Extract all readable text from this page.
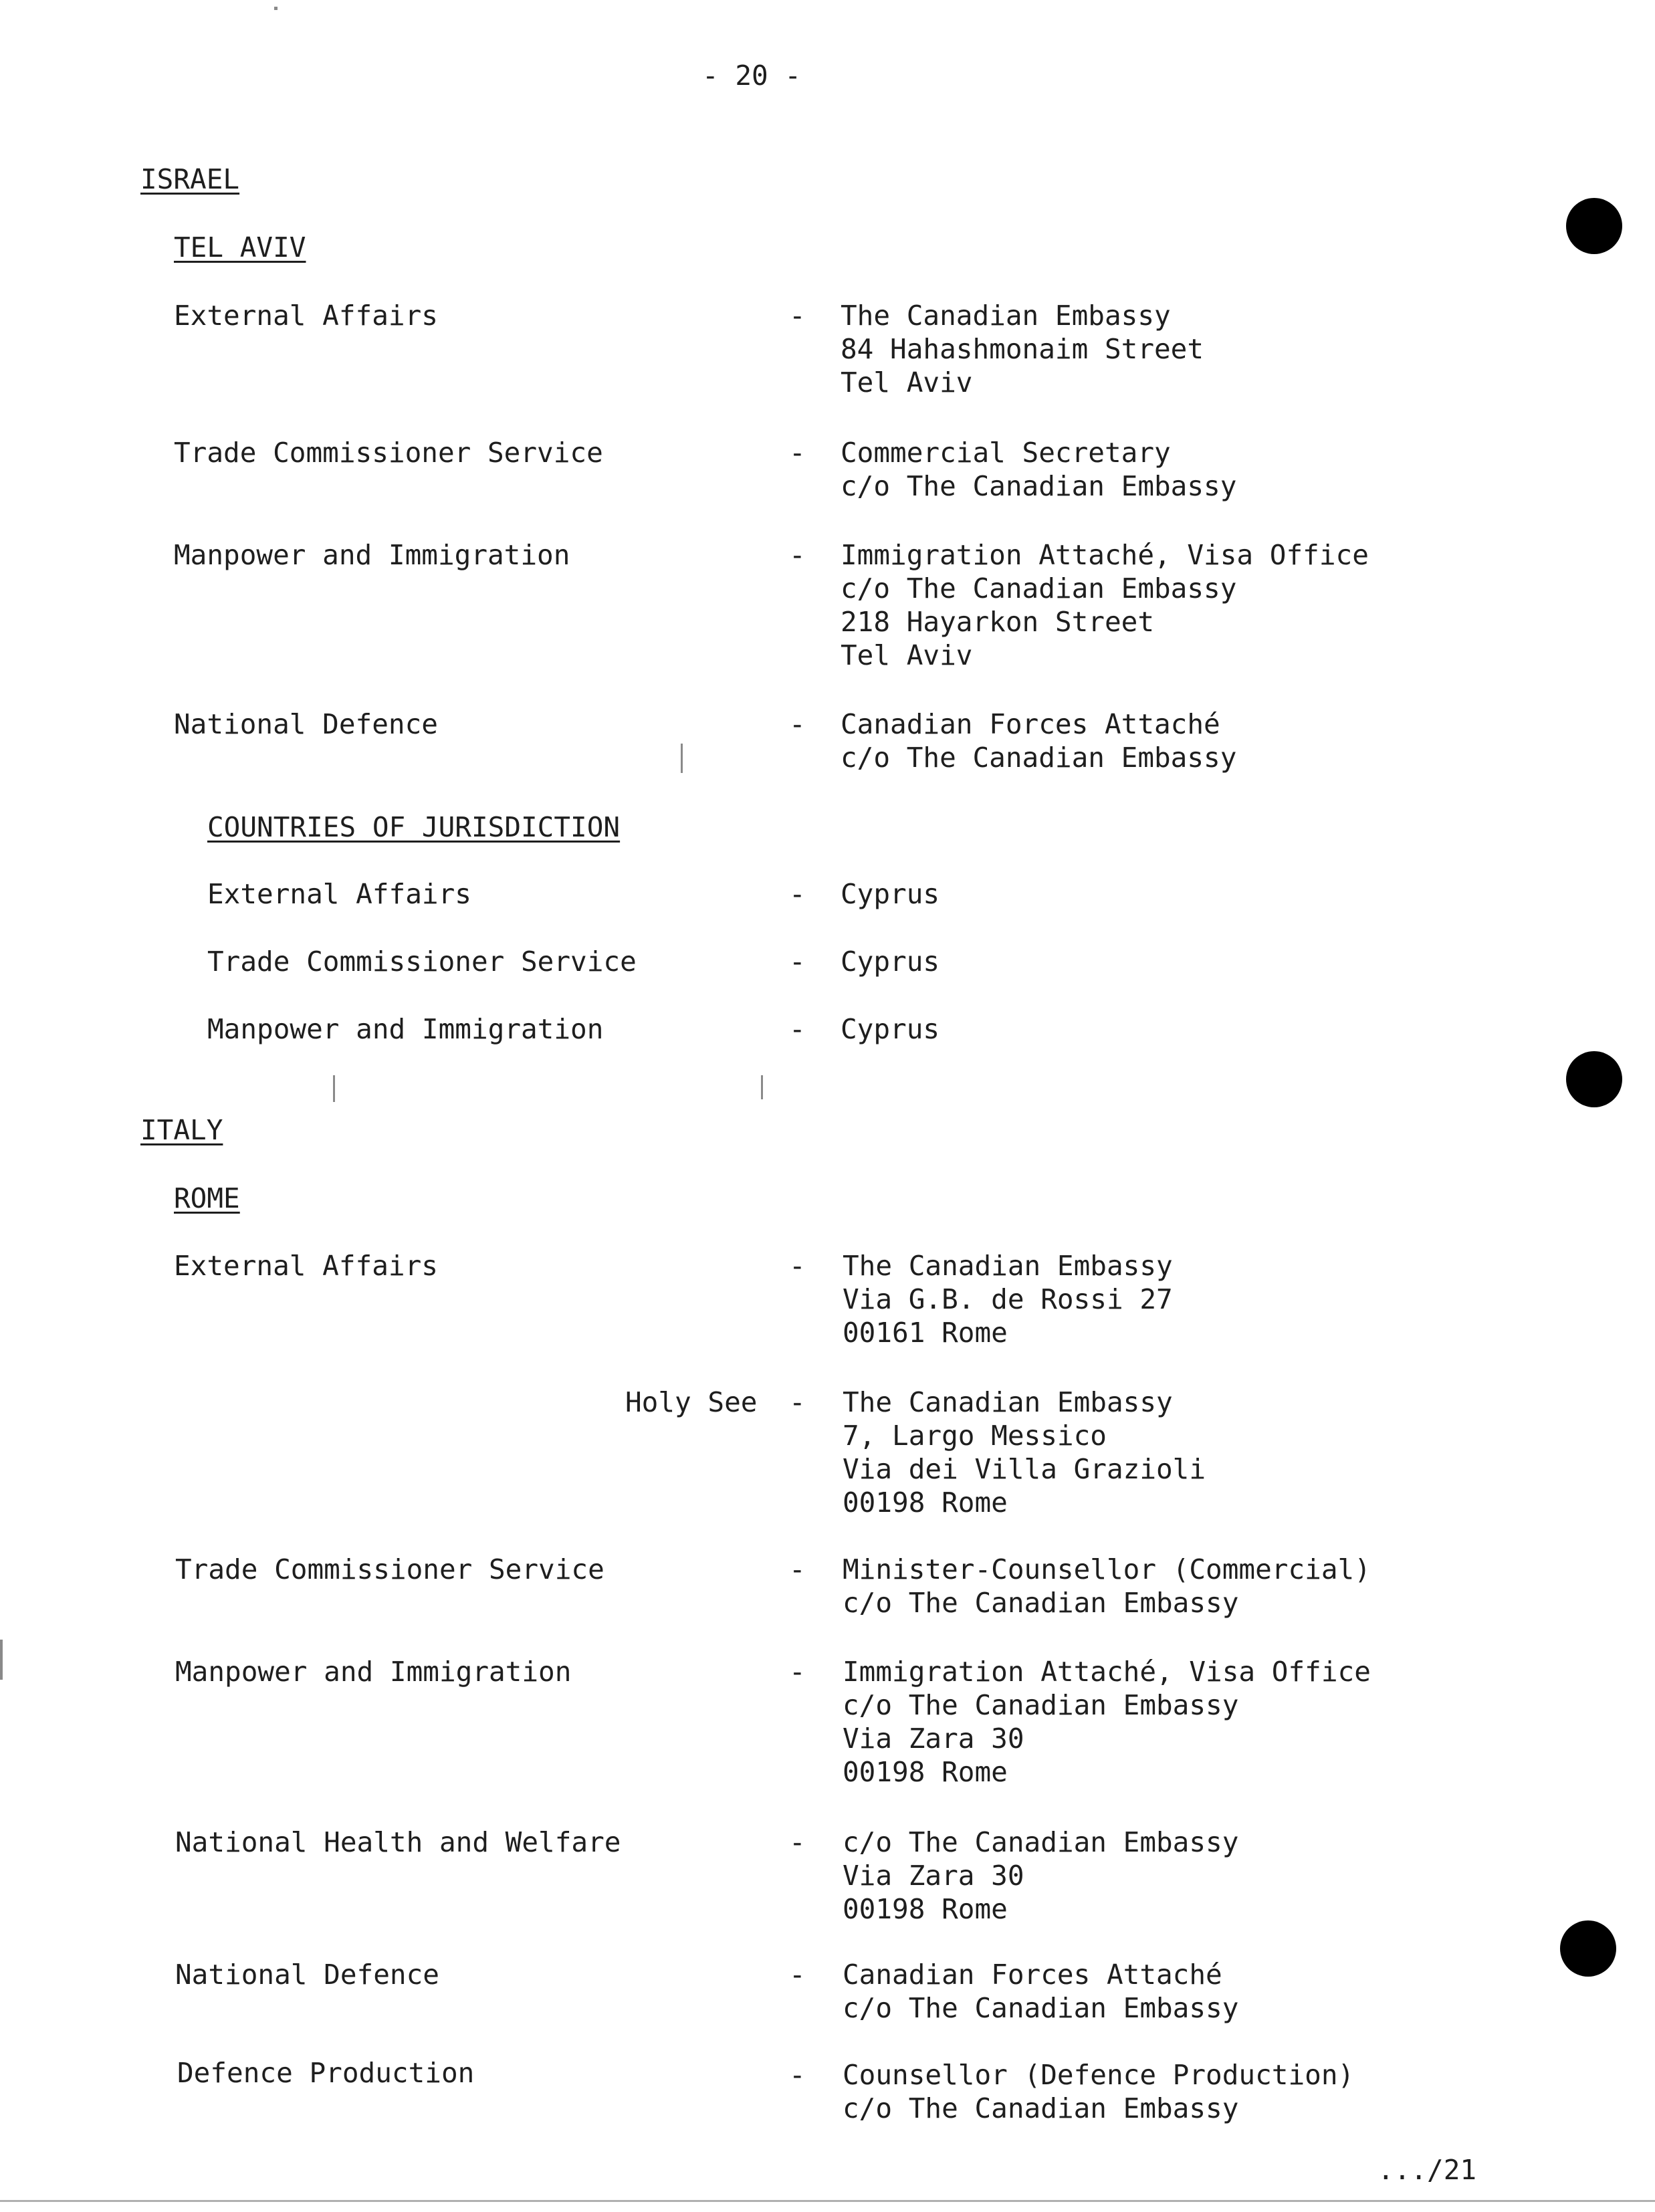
- 20 -
ISRAEL
TEL AVIV
External Affairs	- The Canadian Embassy
84 Hahashmonaim Street
Tel Aviv
Trade Commissioner Service	- Commercial Secretary
c/o The Canadian Embassy
Manpower and Immigration	- Immigration Attaché, Visa Office
c/o The Canadian Embassy
218 Hayarkon Street
Tel Aviv
National Defence	- Canadian Forces Attaché
c/o The Canadian Embassy
COUNTRIES OF JURISDICTION
External Affairs	- Cyprus
Trade Commissioner Service	- Cyprus
Manpower and Immigration	- Cyprus
ITALY
ROME
External Affairs	- The Canadian Embassy
Via G.B. de Rossi 27
00161 Rome
Holy See - The Canadian Embassy
7, Largo Messico
Via dei Villa Grazioli
00198 Rome
Trade Commissioner Service	- Minister-Counsellor (Commercial)
c/o The Canadian Embassy
Manpower and Immigration	- Immigration Attaché, Visa Office
c/o The Canadian Embassy
Via Zara 30
00198 Rome
National Health and Welfare	- c/o The Canadian Embassy
Via Zara 30
00198 Rome
National Defence	- Canadian Forces Attaché
c/o The Canadian Embassy
Defence Production	- Counsellor (Defence Production)
c/o The Canadian Embassy
.../21
